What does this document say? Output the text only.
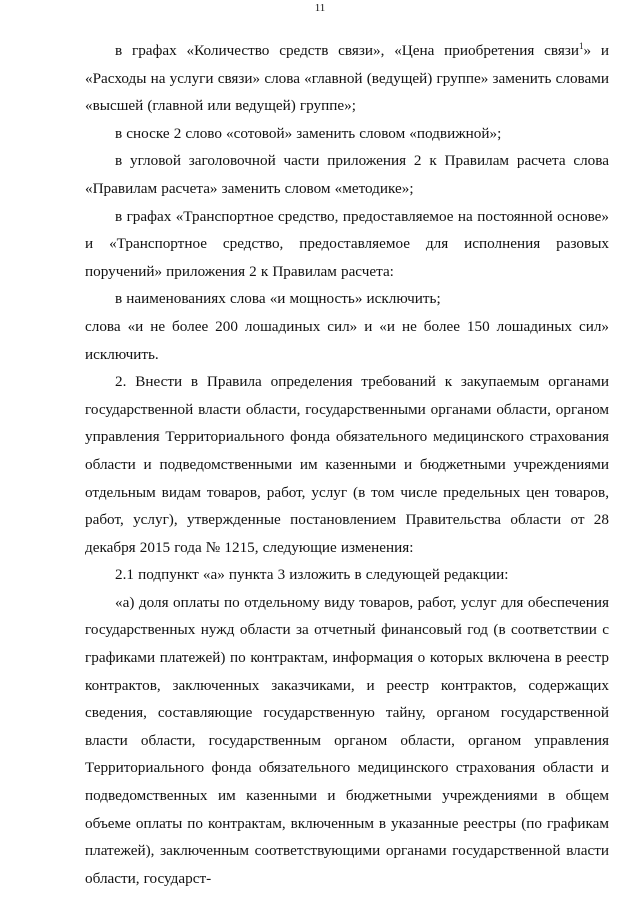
11

в графах «Количество средств связи», «Цена приобретения связи$^1$» и «Расходы на услуги связи» слова «главной (ведущей) группе» заменить словами «высшей (главной или ведущей) группе»;

в сноске 2 слово «сотовой» заменить словом «подвижной»;

в угловой заголовочной части приложения 2 к Правилам расчета слова «Правилам расчета» заменить словом «методике»;

в графах «Транспортное средство, предоставляемое на постоянной основе» и «Транспортное средство, предоставляемое для исполнения разовых поручений» приложения 2 к Правилам расчета:

в наименованиях слова «и мощность» исключить;

слова «и не более 200 лошадиных сил» и «и не более 150 лошадиных сил» исключить.

2. Внести в Правила определения требований к закупаемым органами государственной власти области, государственными органами области, органом управления Территориального фонда обязательного медицинского страхования области и подведомственными им казенными и бюджетными учреждениями отдельным видам товаров, работ, услуг (в том числе предельных цен товаров, работ, услуг), утвержденные постановлением Правительства области от 28 декабря 2015 года № 1215, следующие изменения:

2.1 подпункт «а» пункта 3 изложить в следующей редакции:

«а) доля оплаты по отдельному виду товаров, работ, услуг для обеспечения государственных нужд области за отчетный финансовый год (в соответствии с графиками платежей) по контрактам, информация о которых включена в реестр контрактов, заключенных заказчиками, и реестр контрактов, содержащих сведения, составляющие государственную тайну, органом государственной власти области, государственным органом области, органом управления Территориального фонда обязательного медицинского страхования области и подведомственных им казенными и бюджетными учреждениями в общем объеме оплаты по контрактам, включенным в указанные реестры (по графикам платежей), заключенным соответствующими органами государственной власти области, государст-
